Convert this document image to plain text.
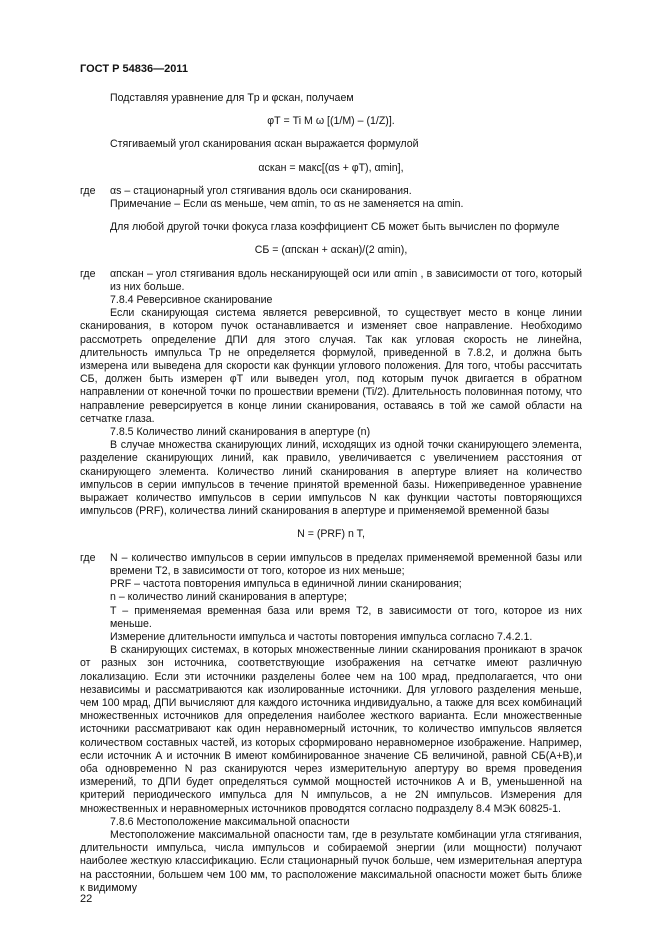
ГОСТ Р 54836—2011

Подставляя уравнение для Tр и φскан, получаем

φТ = Ti M ω [(1/M) – (1/Z)].

Стягиваемый угол сканирования αскан выражается формулой

αскан = макс[(αs + φТ), αmin],

где	αs – стационарный угол стягивания вдоль оси сканирования.

Примечание – Если αs меньше, чем αmin, то αs не заменяется на αmin.

Для любой другой точки фокуса глаза коэффициент CБ может быть вычислен по формуле

CБ = (αпскан + αскан)/(2 αmin),

где	αпскан – угол стягивания вдоль несканирующей оси или αmin , в зависимости от того, который из них больше.

7.8.4 Реверсивное сканирование

Если сканирующая система является реверсивной, то существует место в конце линии сканирования, в котором пучок останавливается и изменяет свое направление. Необходимо рассмотреть определение ДПИ для этого случая. Так как угловая скорость не линейна, длительность импульса Tр не определяется формулой, приведенной в 7.8.2, и должна быть измерена или выведена для скорости как функции углового положения. Для того, чтобы рассчитать CБ, должен быть измерен φТ или выведен угол, под которым пучок двигается в обратном направлении от конечной точки по прошествии времени (Ti/2). Длительность половинная потому, что направление реверсируется в конце линии сканирования, оставаясь в той же самой области на сетчатке глаза.

7.8.5 Количество линий сканирования в апертуре (n)

В случае множества сканирующих линий, исходящих из одной точки сканирующего элемента, разделение сканирующих линий, как правило, увеличивается с увеличением расстояния от сканирующего элемента. Количество линий сканирования в апертуре влияет на количество импульсов в серии импульсов в течение принятой временной базы. Нижеприведенное уравнение выражает количество импульсов в серии импульсов N как функции частоты повторяющихся импульсов (PRF), количества линий сканирования в апертуре и применяемой временной базы

N = (PRF) n T,

где	N – количество импульсов в серии импульсов в пределах применяемой временной базы или времени T2, в зависимости от того, которое из них меньше;

PRF – частота повторения импульса в единичной линии сканирования;

n – количество линий сканирования в апертуре;

T – применяемая временная база или время T2, в зависимости от того, которое из них меньше.

Измерение длительности импульса и частоты повторения импульса согласно 7.4.2.1.

В сканирующих системах, в которых множественные линии сканирования проникают в зрачок от разных зон источника, соответствующие изображения на сетчатке имеют различную локализацию. Если эти источники разделены более чем на 100 мрад, предполагается, что они независимы и рассматриваются как изолированные источники. Для углового разделения меньше, чем 100 мрад, ДПИ вычисляют для каждого источника индивидуально, а также для всех комбинаций множественных источников для определения наиболее жесткого варианта. Если множественные источники рассматривают как один неравномерный источник, то количество импульсов является количеством составных частей, из которых сформировано неравномерное изображение. Например, если источник А и источник В имеют комбинированное значение CБ величиной, равной CБ(А+В),и оба одновременно N раз сканируются через измерительную апертуру во время проведения измерений, то ДПИ будет определяться суммой мощностей источников А и В, уменьшенной на критерий периодического импульса для N импульсов, а не 2N импульсов. Измерения для множественных и неравномерных источников проводятся согласно подразделу 8.4 МЭК 60825-1.

7.8.6 Местоположение максимальной опасности

Местоположение максимальной опасности там, где в результате комбинации угла стягивания, длительности импульса, числа импульсов и собираемой энергии (или мощности) получают наиболее жесткую классификацию. Если стационарный пучок больше, чем измерительная апертура на расстоянии, большем чем 100 мм, то расположение максимальной опасности может быть ближе к видимому

22
